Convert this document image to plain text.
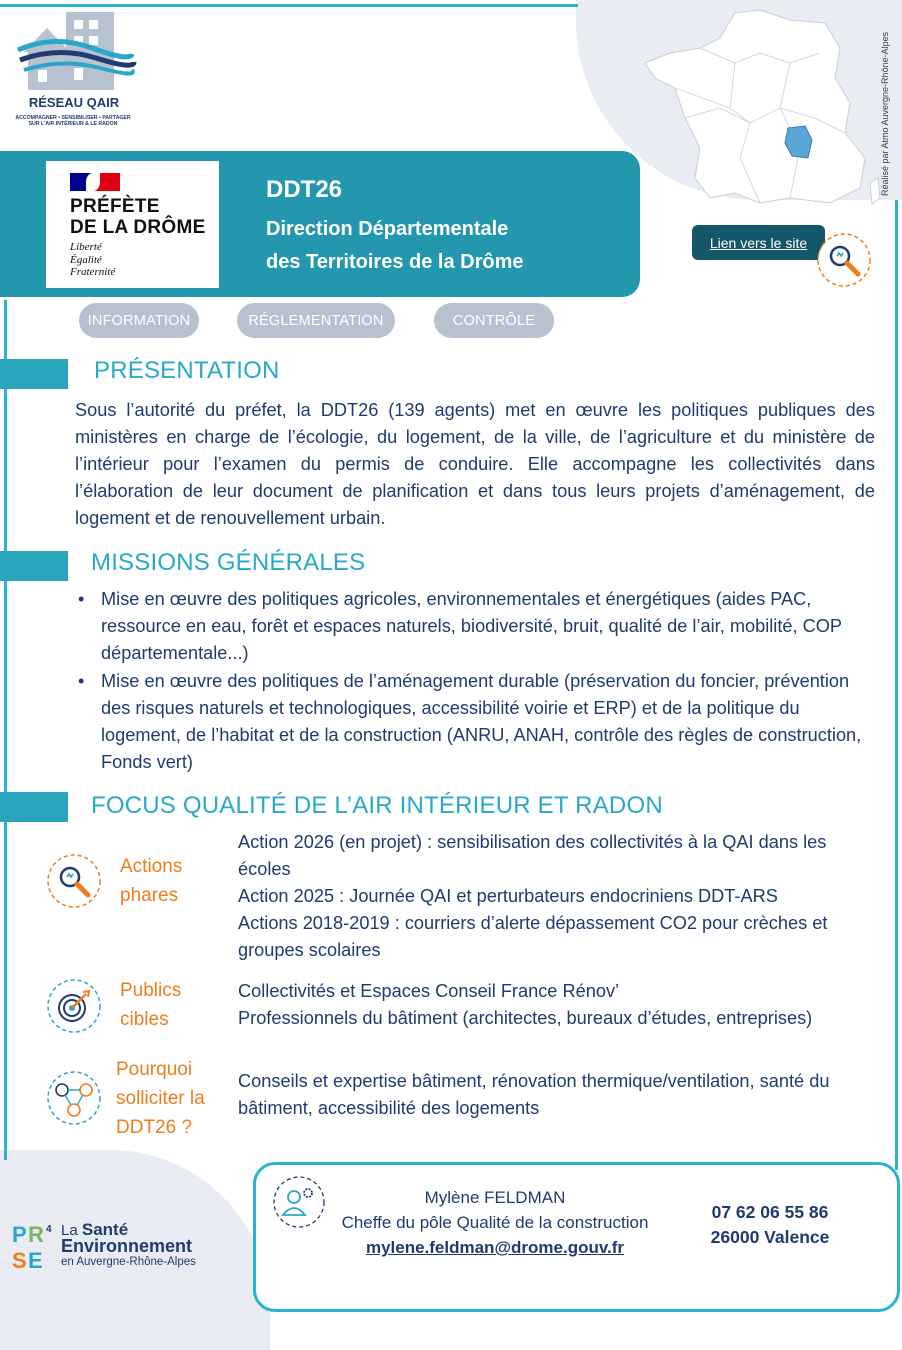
RÉSEAU QAIR
ACCOMPAGNER • SENSIBILISER • PARTAGER
SUR L'AIR INTÉRIEUR & LE RADON	Réalisé par Atmo Auvergne-Rhône-Alpes
PRÉFÈTE
DE LA DRÔME
Liberté
Égalité
Fraternité
DDT26
Direction Départementale
des Territoires de la Drôme
Lien vers le site
INFORMATION	RÉGLEMENTATION	CONTRÔLE
PRÉSENTATION
Sous l’autorité du préfet, la DDT26 (139 agents) met en œuvre les politiques publiques des ministères en charge de l’écologie, du logement, de la ville, de l’agriculture et du ministère de l’intérieur pour l’examen du permis de conduire. Elle accompagne les collectivités dans l’élaboration de leur document de planification et dans tous leurs projets d’aménagement, de logement et de renouvellement urbain.
MISSIONS GÉNÉRALES
• Mise en œuvre des politiques agricoles, environnementales et énergétiques (aides PAC, ressource en eau, forêt et espaces naturels, biodiversité, bruit, qualité de l’air, mobilité, COP départementale...)
• Mise en œuvre des politiques de l’aménagement durable (préservation du foncier, prévention des risques naturels et technologiques, accessibilité voirie et ERP) et de la politique du logement, de l’habitat et de la construction (ANRU, ANAH, contrôle des règles de construction, Fonds vert)
FOCUS QUALITÉ DE L’AIR INTÉRIEUR ET RADON
Actions
phares
Action 2026 (en projet) : sensibilisation des collectivités à la QAI dans les écoles
Action 2025 : Journée QAI et perturbateurs endocriniens DDT-ARS
Actions 2018-2019 : courriers d’alerte dépassement CO2 pour crèches et groupes scolaires
Publics
cibles
Collectivités et Espaces Conseil France Rénov’
Professionnels du bâtiment (architectes, bureaux d’études, entreprises)
Pourquoi
solliciter la
DDT26 ?
Conseils et expertise bâtiment, rénovation thermique/ventilation, santé du bâtiment, accessibilité des logements
Mylène FELDMAN
Cheffe du pôle Qualité de la construction
mylene.feldman@drome.gouv.fr
07 62 06 55 86
26000 Valence
P R 4
S E
La Santé
Environnement
en Auvergne-Rhône-Alpes
